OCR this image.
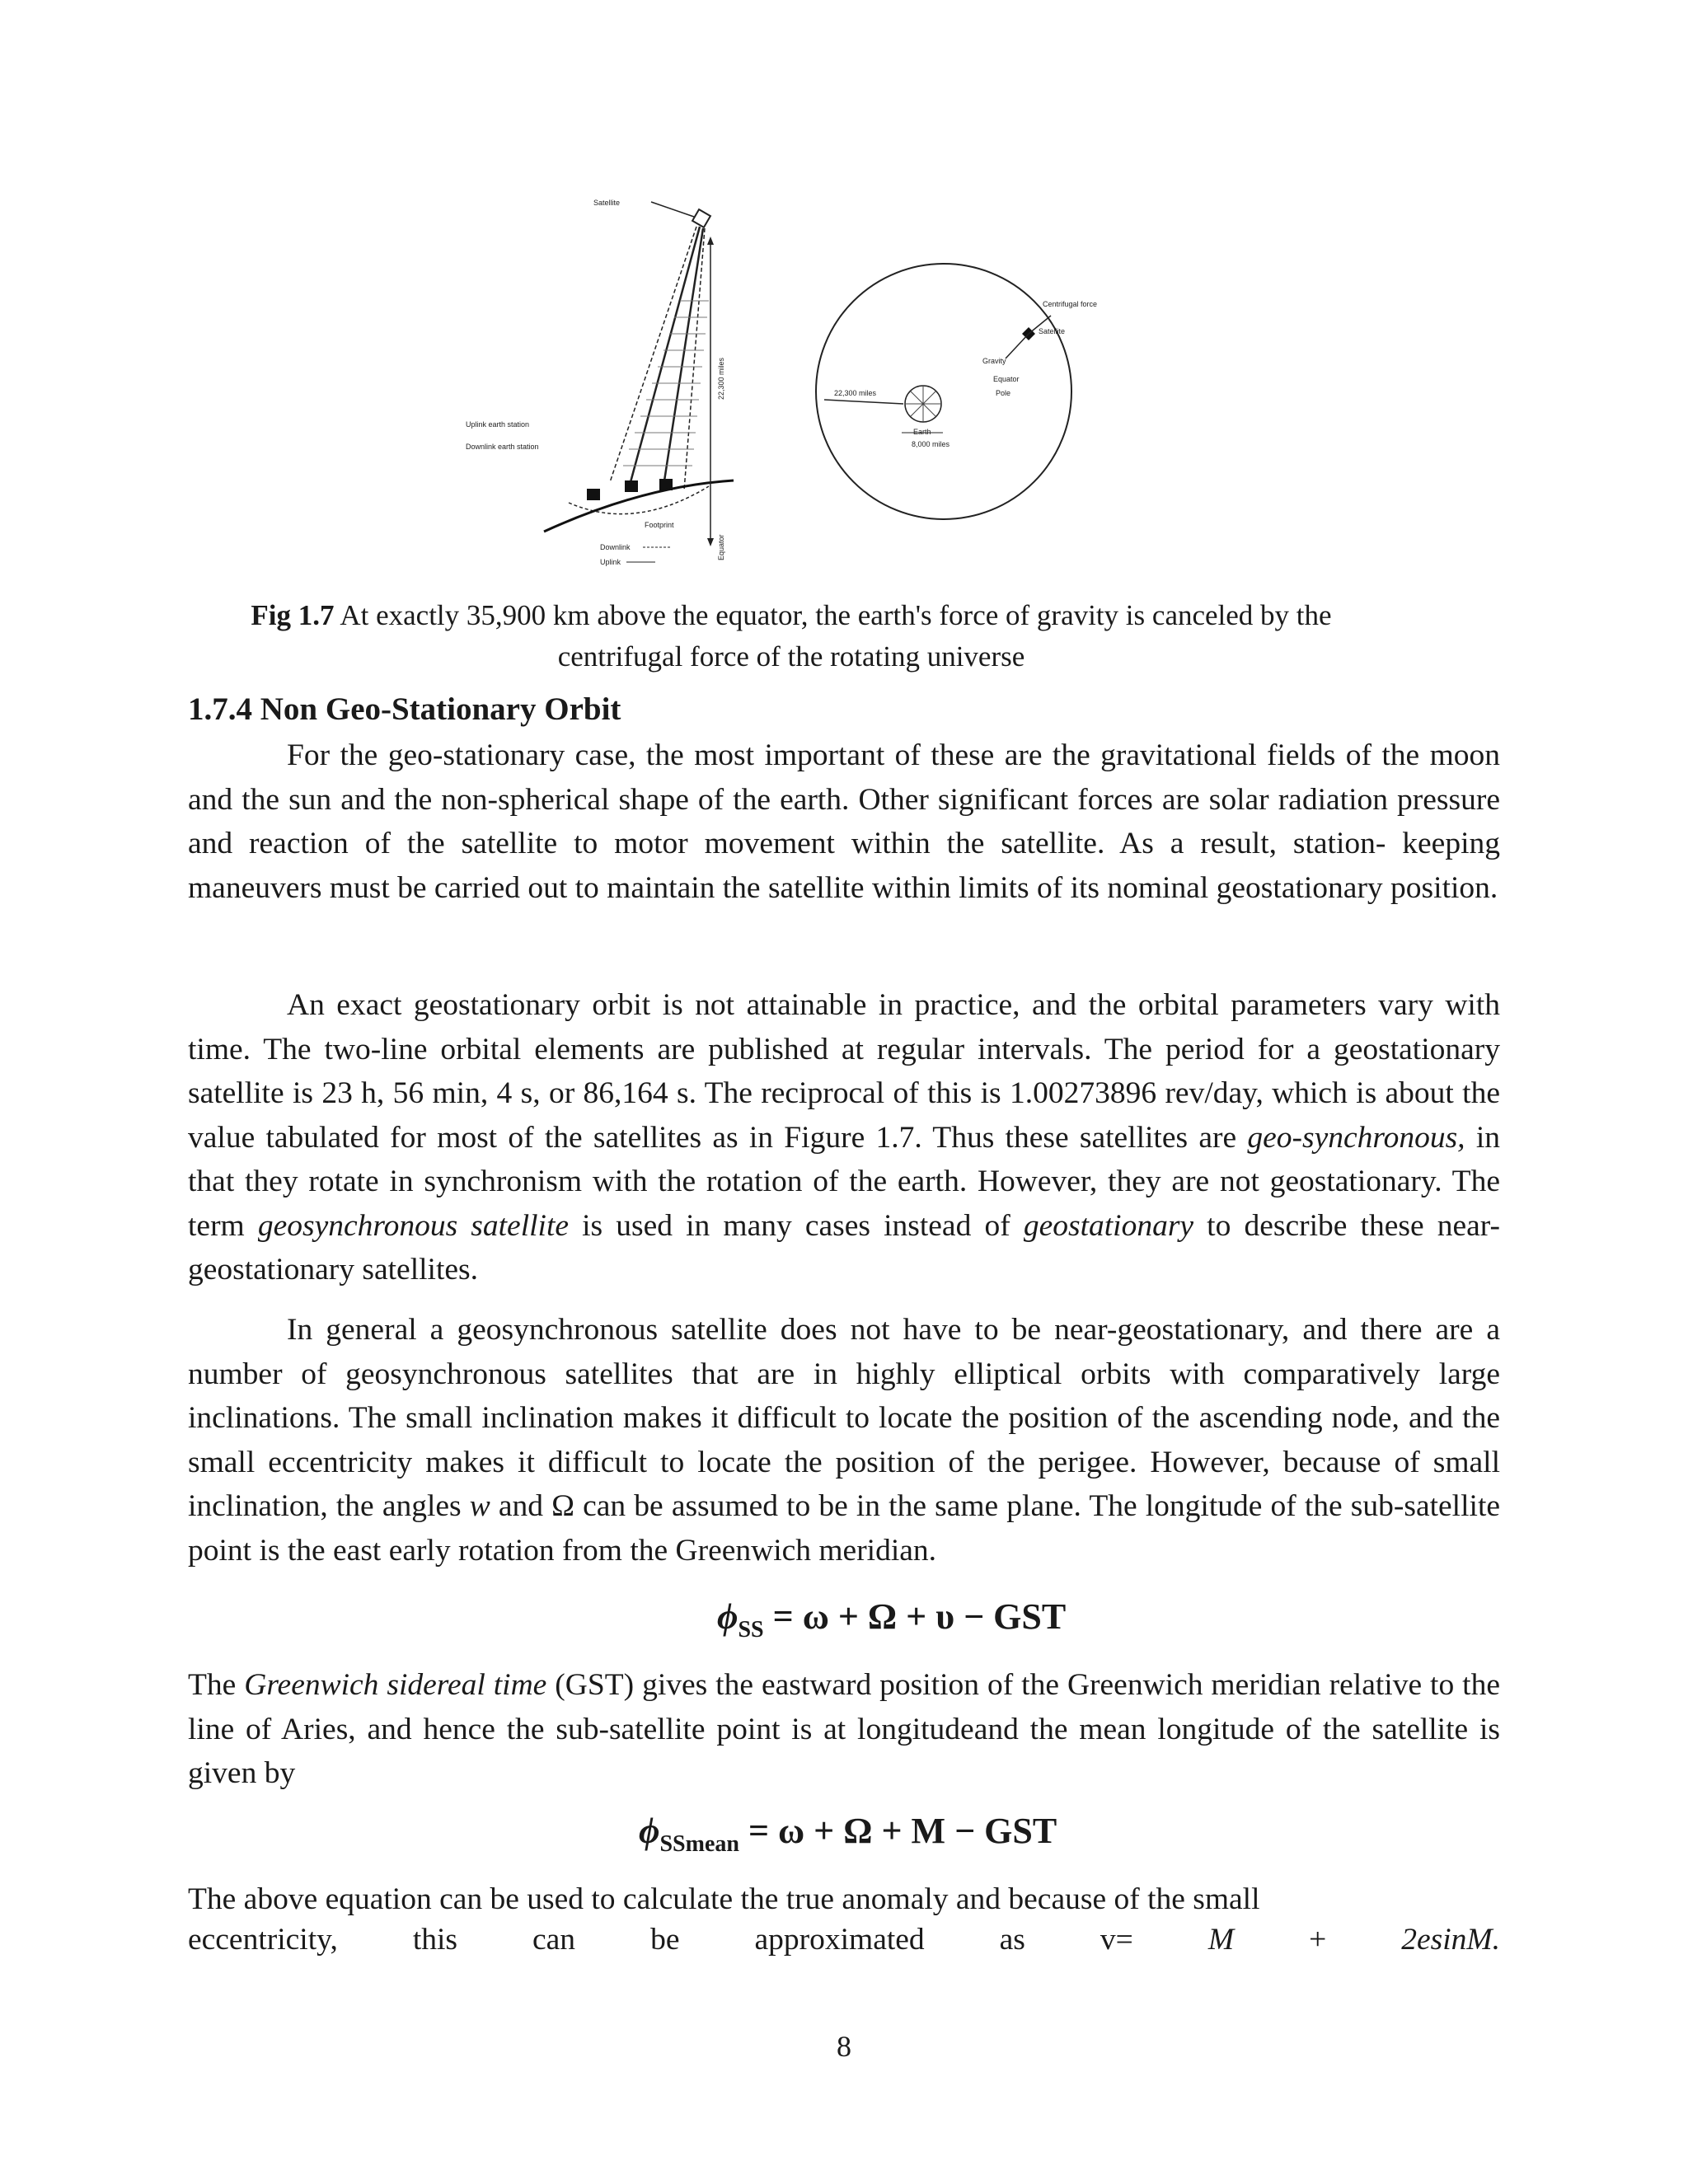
Satellite
22,300 miles
Uplink earth station
Downlink earth station
Footprint
Downlink
Uplink
Equator
Centrifugal force
Satellite
Gravity
Equator
Pole
22,300 miles
Earth
8,000 miles
Fig 1.7 At exactly 35,900 km above the equator, the earth's force of gravity is canceled by the
centrifugal force of the rotating universe
1.7.4 Non Geo-Stationary Orbit

For the geo-stationary case, the most important of these are the gravitational fields of the moon and the sun and the non-spherical shape of the earth. Other significant forces are solar radiation pressure and reaction of the satellite to motor movement within the satellite. As a result, station- keeping maneuvers must be carried out to maintain the satellite within limits of its nominal geostationary position.

An exact geostationary orbit is not attainable in practice, and the orbital parameters vary with time. The two-line orbital elements are published at regular intervals. The period for a geostationary satellite is 23 h, 56 min, 4 s, or 86,164 s. The reciprocal of this is 1.00273896 rev/day, which is about the value tabulated for most of the satellites as in Figure 1.7. Thus these satellites are geo-synchronous, in that they rotate in synchronism with the rotation of the earth. However, they are not geostationary. The term geosynchronous satellite is used in many cases instead of geostationary to describe these near-geostationary satellites.

In general a geosynchronous satellite does not have to be near-geostationary, and there are a number of geosynchronous satellites that are in highly elliptical orbits with comparatively large inclinations. The small inclination makes it difficult to locate the position of the ascending node, and the small eccentricity makes it difficult to locate the position of the perigee. However, because of small inclination, the angles w and Ω can be assumed to be in the same plane. The longitude of the sub-satellite point is the east early rotation from the Greenwich meridian.

$\phi_{SS} = \omega + \Omega + \upsilon$ − GST

The Greenwich sidereal time (GST) gives the eastward position of the Greenwich meridian relative to the line of Aries, and hence the sub-satellite point is at longitudeand the mean longitude of the satellite is given by

$\phi_{SSmean} = \omega + \Omega + M$ − GST
The above equation can be used to calculate the true anomaly and because of the small
eccentricity, this can be approximated as v= M + 2esinM.
8
